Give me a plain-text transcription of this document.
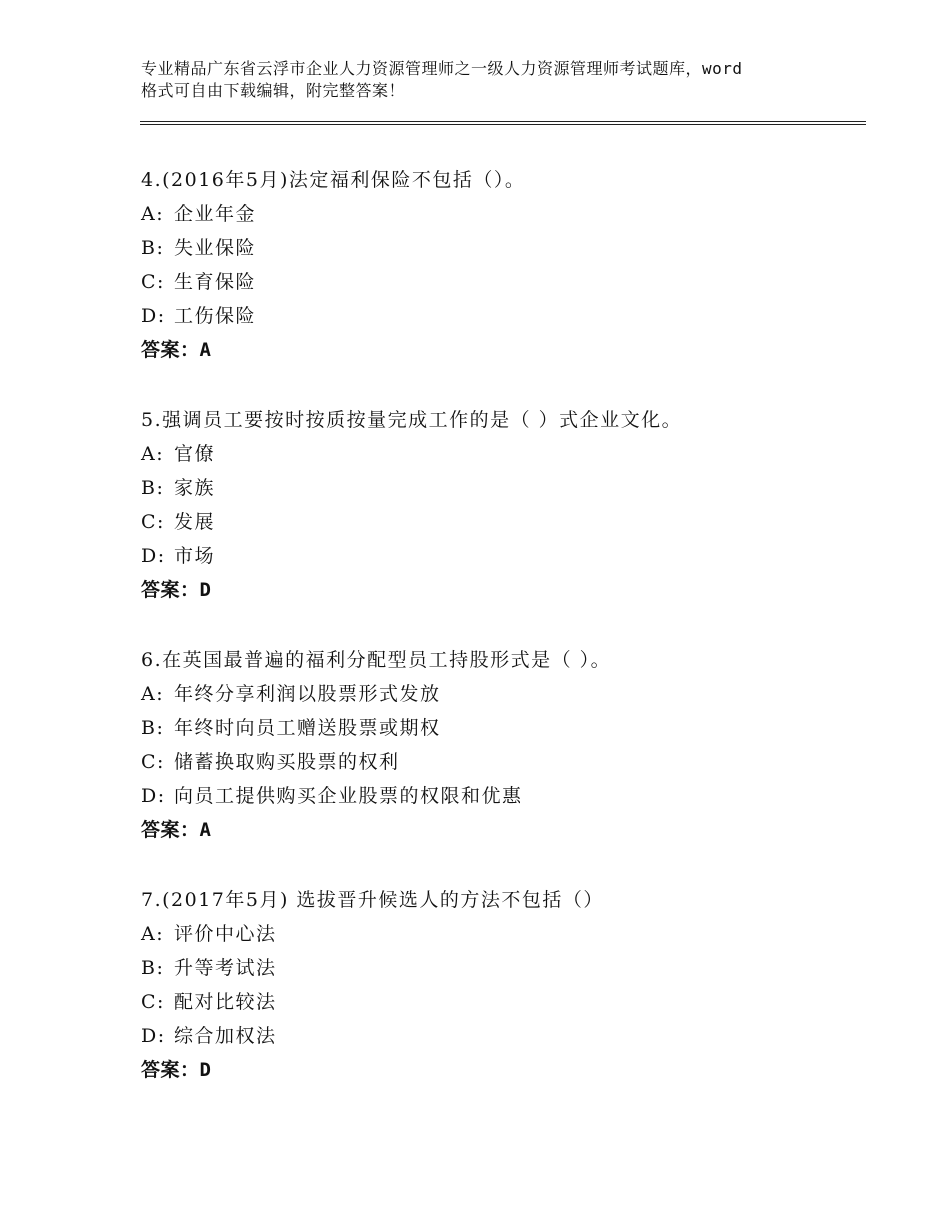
专业精品广东省云浮市企业人力资源管理师之一级人力资源管理师考试题库，word
格式可自由下载编辑，附完整答案！
4.(2016年5月)法定福利保险不包括（）。
A: 企业年金
B: 失业保险
C: 生育保险
D: 工伤保险
答案：A
5.强调员工要按时按质按量完成工作的是（ ）式企业文化。
A: 官僚
B: 家族
C: 发展
D: 市场
答案：D
6.在英国最普遍的福利分配型员工持股形式是（ ）。
A: 年终分享利润以股票形式发放
B: 年终时向员工赠送股票或期权
C: 储蓄换取购买股票的权利
D: 向员工提供购买企业股票的权限和优惠
答案：A
7.(2017年5月) 选拔晋升候选人的方法不包括（）
A: 评价中心法
B: 升等考试法
C: 配对比较法
D: 综合加权法
答案：D
